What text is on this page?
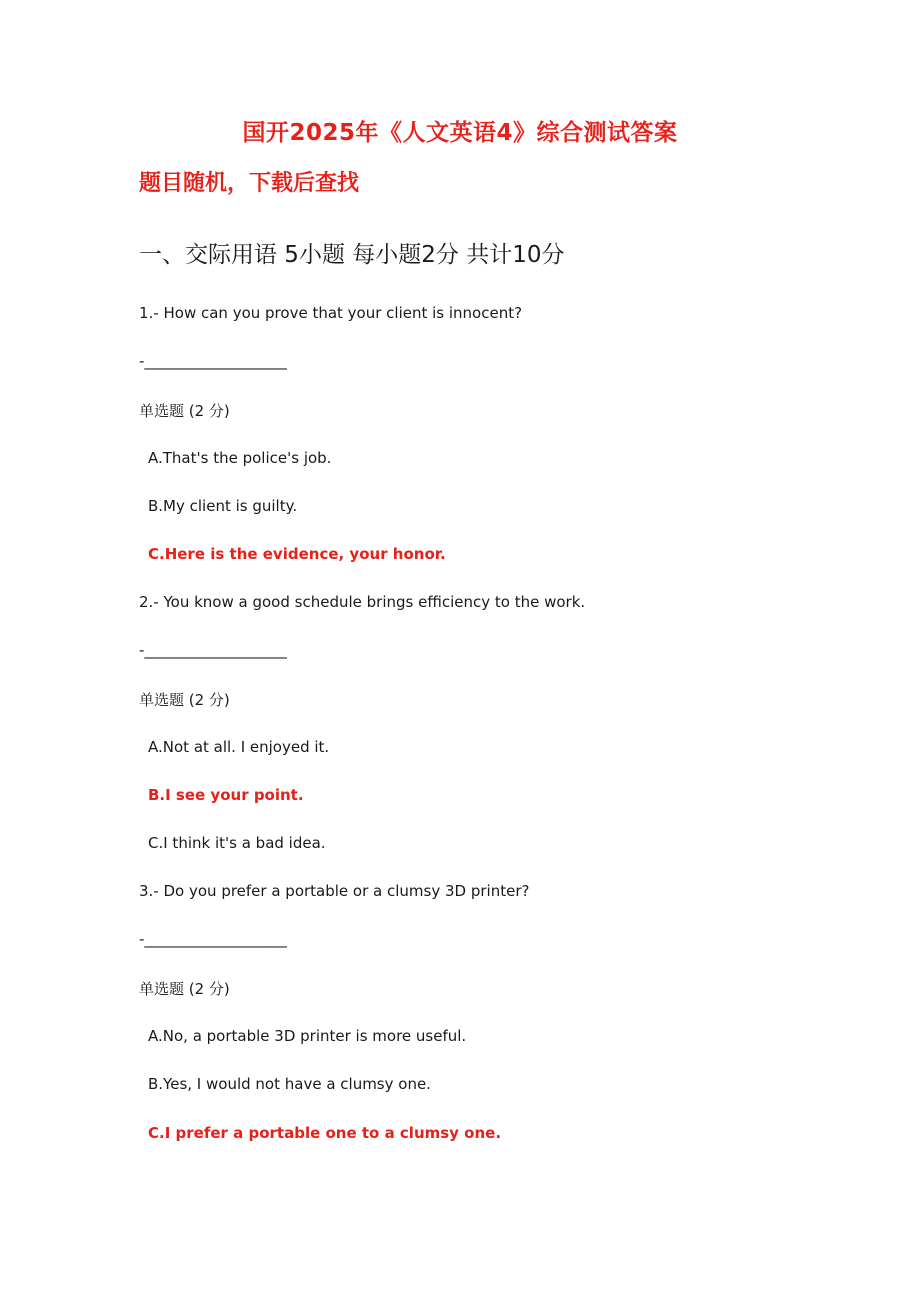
国开2025年《人文英语4》综合测试答案
题目随机，下载后查找
一、交际用语 5小题 每小题2分 共计10分
1.- How can you prove that your client is innocent?
-___________________
单选题 (2 分)
A.That's the police's job.
B.My client is guilty.
C.Here is the evidence, your honor.
2.- You know a good schedule brings efficiency to the work.
-___________________
单选题 (2 分)
A.Not at all. I enjoyed it.
B.I see your point.
C.I think it's a bad idea.
3.- Do you prefer a portable or a clumsy 3D printer?
-___________________
单选题 (2 分)
A.No, a portable 3D printer is more useful.
B.Yes, I would not have a clumsy one.
C.I prefer a portable one to a clumsy one.
